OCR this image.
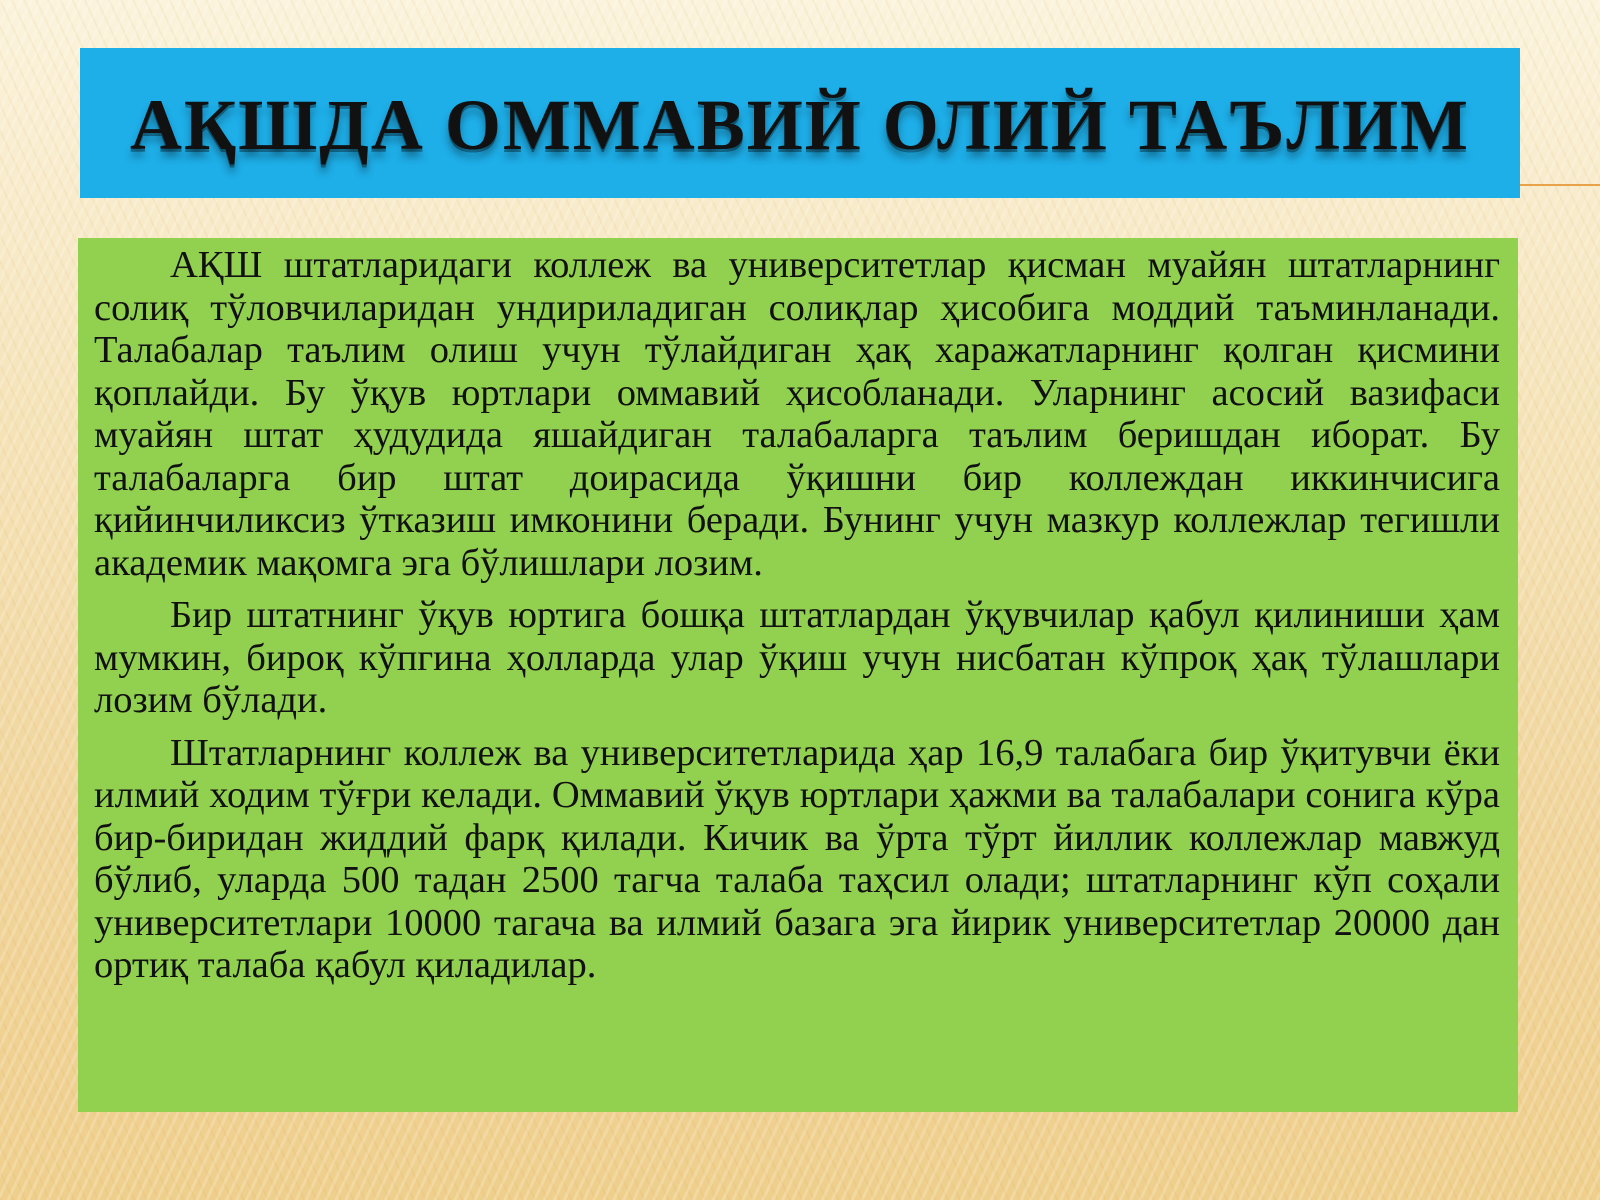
АҚШДА ОММАВИЙ ОЛИЙ ТАЪЛИМ

АҚШ штатларидаги коллеж ва университетлар қисман муайян штатларнинг солиқ тўловчиларидан ундириладиган солиқлар ҳисобига моддий таъминланади. Талабалар таълим олиш учун тўлайдиган ҳақ харажатларнинг қолган қисмини қоплайди. Бу ўқув юртлари оммавий ҳисобланади. Уларнинг асосий вазифаси муайян штат ҳудудида яшайдиган талабаларга таълим беришдан иборат. Бу талабаларга бир штат доирасида ўқишни бир коллеждан иккинчисига қийинчиликсиз ўтказиш имконини беради. Бунинг учун мазкур коллежлар тегишли академик мақомга эга бўлишлари лозим.

Бир штатнинг ўқув юртига бошқа штатлардан ўқувчилар қабул қилиниши ҳам мумкин, бироқ кўпгина ҳолларда улар ўқиш учун нисбатан кўпроқ ҳақ тўлашлари лозим бўлади.

Штатларнинг коллеж ва университетларида ҳар 16,9 талабага бир ўқитувчи ёки илмий ходим тўғри келади. Оммавий ўқув юртлари ҳажми ва талабалари сонига кўра бир-биридан жиддий фарқ қилади. Кичик ва ўрта тўрт йиллик коллежлар мавжуд бўлиб, уларда 500 тадан 2500 тагча талаба таҳсил олади; штатларнинг кўп соҳали университетлари 10000 тагача ва илмий базага эга йирик университетлар 20000 дан ортиқ талаба қабул қиладилар.
